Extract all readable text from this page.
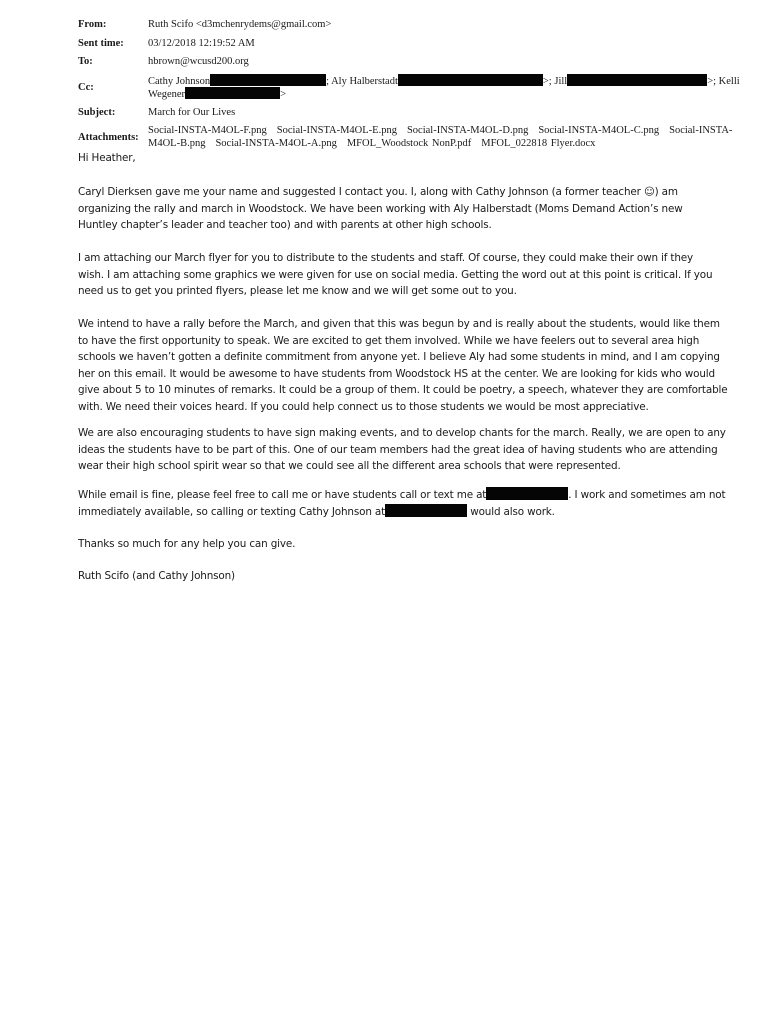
From:	Ruth Scifo <d3mchenrydems@gmail.com>
Sent time:	03/12/2018 12:19:52 AM
To:	hbrown@wcusd200.org
Cc:
Cathy Johnson	; Aly Halberstadt	>; Jill	>; Kelli
Wegener	>
Subject:	March for Our Lives
Attachments:
Social-INSTA-M4OL-F.png Social-INSTA-M4OL-E.png Social-INSTA-M4OL-D.png Social-INSTA-M4OL-C.png Social-INSTA-
M4OL-B.png Social-INSTA-M4OL-A.png MFOL_Woodstock NonP.pdf MFOL_022818 Flyer.docx
Hi Heather,
Caryl Dierksen gave me your name and suggested I contact you. I, along with Cathy Johnson (a former teacher ☺) am
organizing the rally and march in Woodstock. We have been working with Aly Halberstadt (Moms Demand Action’s new
Huntley chapter’s leader and teacher too) and with parents at other high schools.
I am attaching our March flyer for you to distribute to the students and staff. Of course, they could make their own if they
wish. I am attaching some graphics we were given for use on social media. Getting the word out at this point is critical. If you
need us to get you printed flyers, please let me know and we will get some out to you.
We intend to have a rally before the March, and given that this was begun by and is really about the students, would like them
to have the first opportunity to speak. We are excited to get them involved. While we have feelers out to several area high
schools we haven’t gotten a definite commitment from anyone yet. I believe Aly had some students in mind, and I am copying
her on this email. It would be awesome to have students from Woodstock HS at the center. We are looking for kids who would
give about 5 to 10 minutes of remarks. It could be a group of them. It could be poetry, a speech, whatever they are comfortable
with. We need their voices heard. If you could help connect us to those students we would be most appreciative.
We are also encouraging students to have sign making events, and to develop chants for the march. Really, we are open to any
ideas the students have to be part of this. One of our team members had the great idea of having students who are attending
wear their high school spirit wear so that we could see all the different area schools that were represented.
While email is fine, please feel free to call me or have students call or text me at	. I work and sometimes am not
immediately available, so calling or texting Cathy Johnson at	would also work.
Thanks so much for any help you can give.
Ruth Scifo (and Cathy Johnson)
